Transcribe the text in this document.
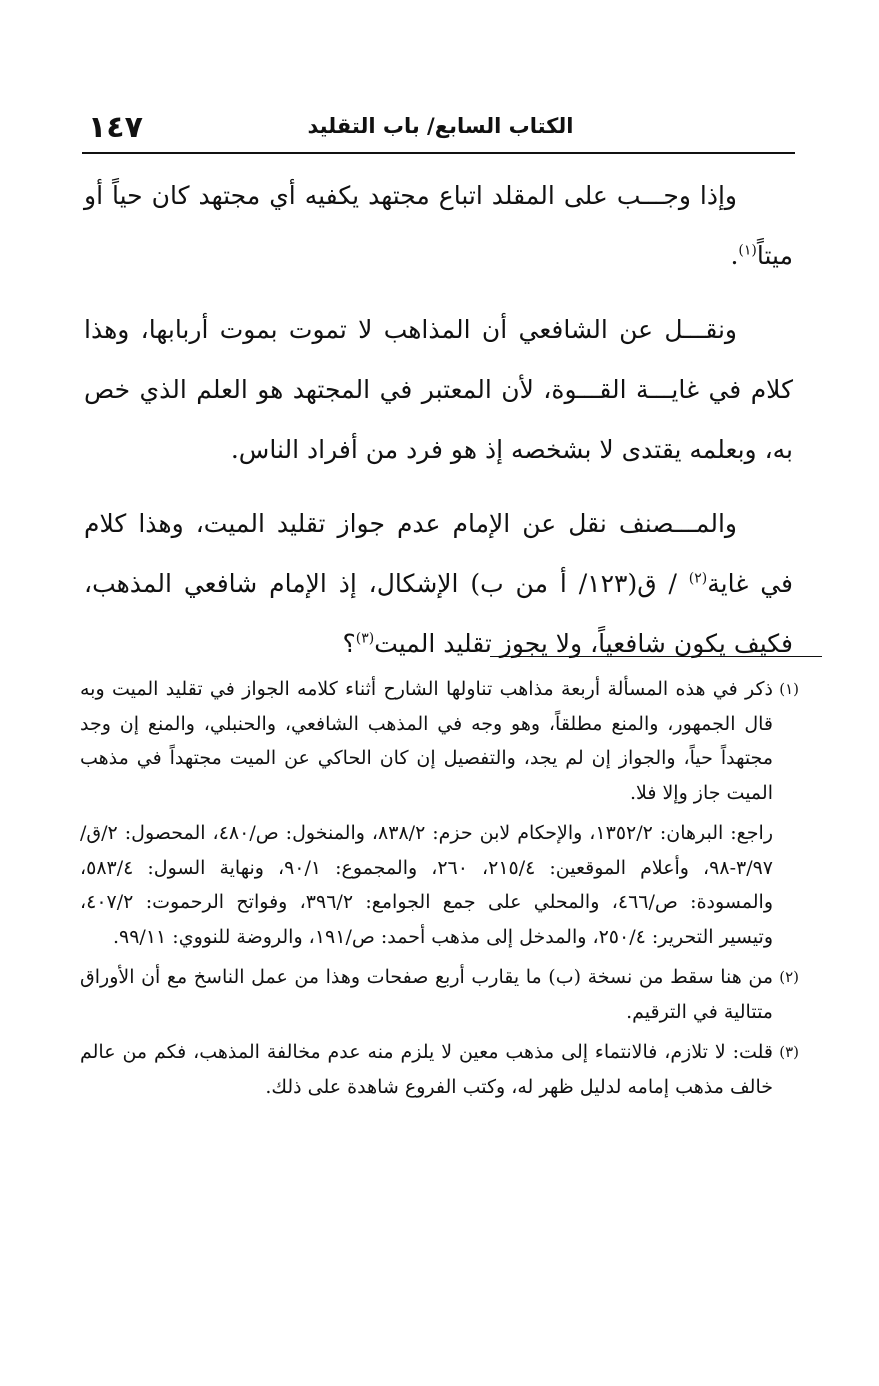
الكتاب السابع/ باب التقليد
١٤٧

وإذا وجـــب على المقلد اتباع مجتهد يكفيه أي مجتهد كان حياً أو ميتاً$^{(١)}$.

ونقـــل عن الشافعي أن المذاهب لا تموت بموت أربابها، وهذا كلام في غايـــة القـــوة، لأن المعتبر في المجتهد هو العلم الذي خص به، وبعلمه يقتدى لا بشخصه إذ هو فرد من أفراد الناس.

والمـــصنف نقل عن الإمام عدم جواز تقليد الميت، وهذا كلام في غاية$^{(٢)}$ / ق(١٢٣/ أ من ب) الإشكال، إذ الإمام شافعي المذهب، فكيف يكون شافعياً، ولا يجوز تقليد الميت$^{(٣)}$؟

(١)
ذكر في هذه المسألة أربعة مذاهب تناولها الشارح أثناء كلامه الجواز في تقليد الميت وبه قال الجمهور، والمنع مطلقاً، وهو وجه في المذهب الشافعي، والحنبلي، والمنع إن وجد مجتهداً حياً، والجواز إن لم يجد، والتفصيل إن كان الحاكي عن الميت مجتهداً في مذهب الميت جاز وإلا فلا.
راجع: البرهان: ١٣٥٢/٢، والإحكام لابن حزم: ٨٣٨/٢، والمنخول: ص/٤٨٠، المحصول: ٢/ق/٣/٩٧-٩٨، وأعلام الموقعين: ٢١٥/٤، ٢٦٠، والمجموع: ٩٠/١، ونهاية السول: ٥٨٣/٤، والمسودة: ص/٤٦٦، والمحلي على جمع الجوامع: ٣٩٦/٢، وفواتح الرحموت: ٤٠٧/٢، وتيسير التحرير: ٢٥٠/٤، والمدخل إلى مذهب أحمد: ص/١٩١، والروضة للنووي: ٩٩/١١.
(٢)
من هنا سقط من نسخة (ب) ما يقارب أربع صفحات وهذا من عمل الناسخ مع أن الأوراق متتالية في الترقيم.
(٣)
قلت: لا تلازم، فالانتماء إلى مذهب معين لا يلزم منه عدم مخالفة المذهب، فكم من عالم خالف مذهب إمامه لدليل ظهر له، وكتب الفروع شاهدة على ذلك.
